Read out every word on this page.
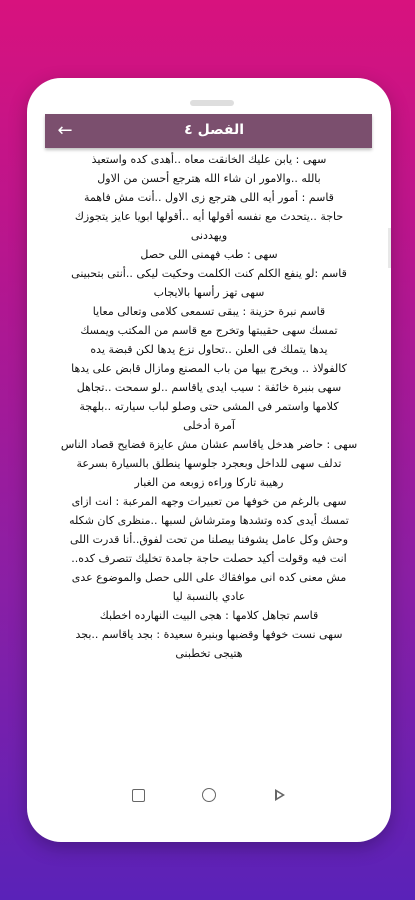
←	الفصل ٤

سهى : يابن عليك الخانقت معاه ..أهدى كده واستعيذ

بالله ..والامور ان شاء الله هترجع أحسن من الاول

قاسم : أمور أيه اللى هترجع زى الاول ..أنت مش فاهمة

حاجة ..يتحدث مع نفسه أقولها أيه ..أقولها ابويا عايز يتجوزك

ويهددنى

سهى : طب فهمنى اللى حصل

قاسم :لو ينفع الكلم كنت الكلمت وحكيت ليكى ..أنتى بتحبينى

سهى تهز رأسها بالايجاب

قاسم نبرة حزينة : يبقى تسمعى كلامى وتعالى معايا

تمسك سهى حقيبتها وتخرج مع قاسم من المكتب ويمسك

يدها يتملك فى العلن ..تحاول نزع يدها لكن قبضة يده

كالفولاذ .. ويخرج بيها من باب المصنع ومازال قابض على يدها

سهى بنبرة خائفة : سيب ايدى ياقاسم ..لو سمحت ..تجاهل

كلامها واستمر فى المشى حتى وصلو لباب سيارته ..بلهجة

آمرة أدخلى

سهى : حاضر هدخل ياقاسم عشان مش عايزة فضايح قصاد الناس

تدلف سهى للداخل وبعجرد جلوسها ينطلق بالسيارة بسرعة

رهيبة تاركا وراءه زوبعه من الغبار

سهى بالرغم من خوفها من تعبيرات وجهه المرعبة : انت ازاى

تمسك أيدى كده وتشدها ومترشاش لسبها ..منظرى كان شكله

وحش وكل عامل يشوفنا بيصلنا من تحت لفوق..أنا قدرت اللى

انت فيه وقولت أكيد حصلت حاجة جامدة تخليك تتصرف كده..

مش معنى كده انى موافقاك على اللى حصل والموضوع عدى

عادي بالنسبة ليا

قاسم تجاهل كلامها : هجى البيت النهارده اخطبك

سهى نست خوفها وقضبها وبنبرة سعيدة : بجد ياقاسم ..بجد

هتيجى تخطبنى
